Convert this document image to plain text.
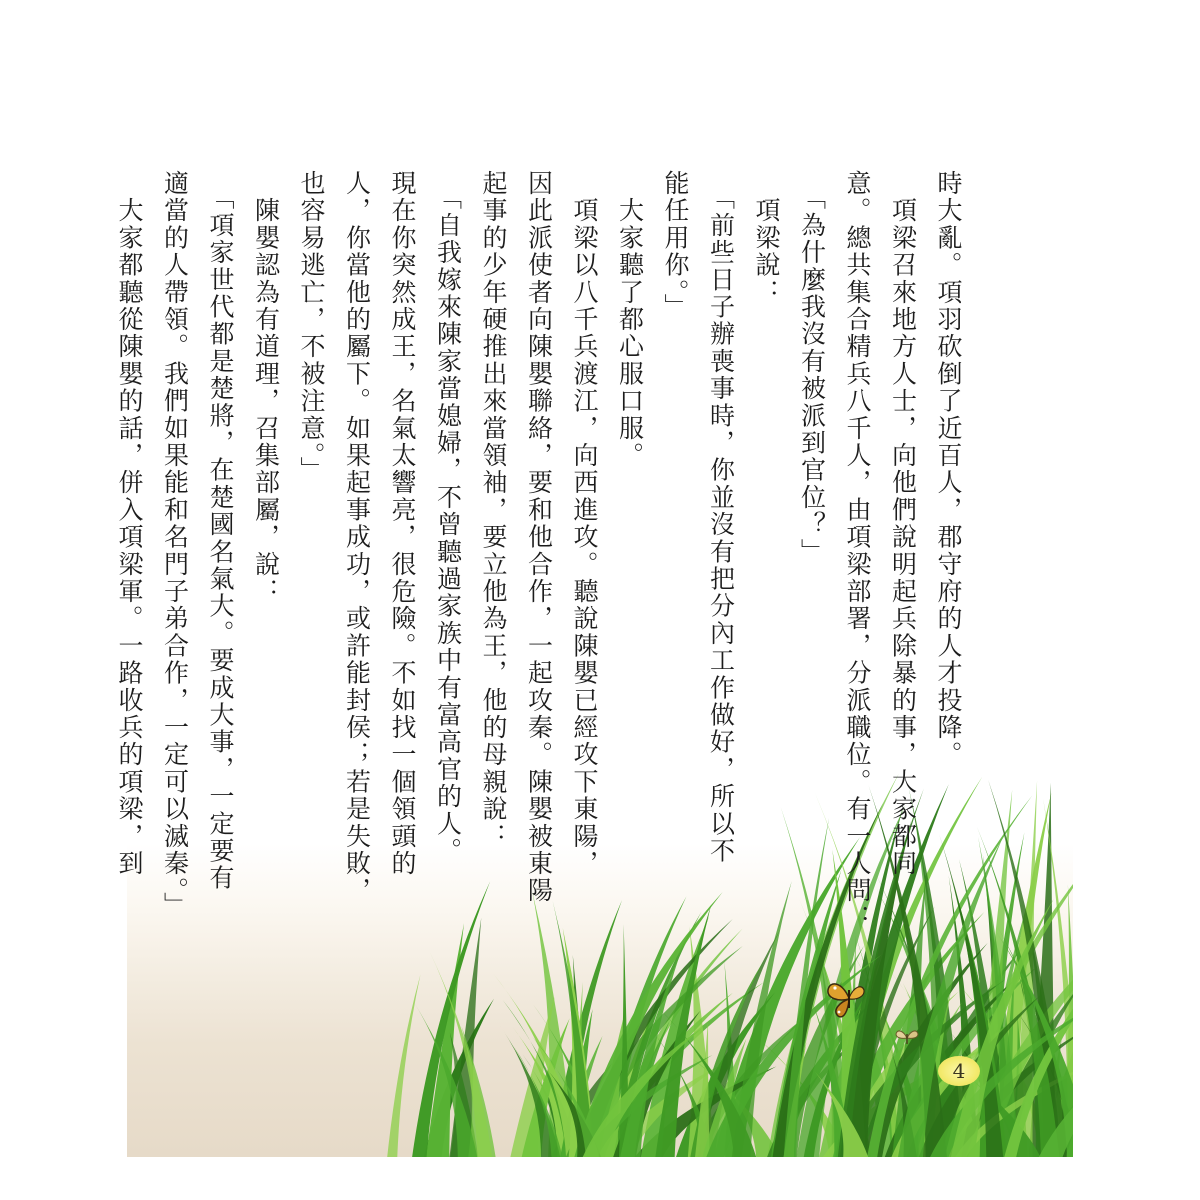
時大亂。項羽砍倒了近百人，郡守府的人才投降。
　項梁召來地方人士，向他們說明起兵除暴的事，大家都同
意。總共集合精兵八千人，由項梁部署，分派職位。有一人問：
　「為什麼我沒有被派到官位？」
　項梁說：
　「前些日子辦喪事時，你並沒有把分內工作做好，所以不
能任用你。」
　大家聽了都心服口服。
　項梁以八千兵渡江，向西進攻。聽說陳嬰已經攻下東陽，
因此派使者向陳嬰聯絡，要和他合作，一起攻秦。陳嬰被東陽
起事的少年硬推出來當領袖，要立他為王，他的母親說：
　「自我嫁來陳家當媳婦，不曾聽過家族中有富高官的人。
現在你突然成王，名氣太響亮，很危險。不如找一個領頭的
人，你當他的屬下。如果起事成功，或許能封侯；若是失敗，
也容易逃亡，不被注意。」
　陳嬰認為有道理，召集部屬，說：
　「項家世代都是楚將，在楚國名氣大。要成大事，一定要有
適當的人帶領。我們如果能和名門子弟合作，一定可以滅秦。」
　大家都聽從陳嬰的話，併入項梁軍。一路收兵的項梁，到
4
